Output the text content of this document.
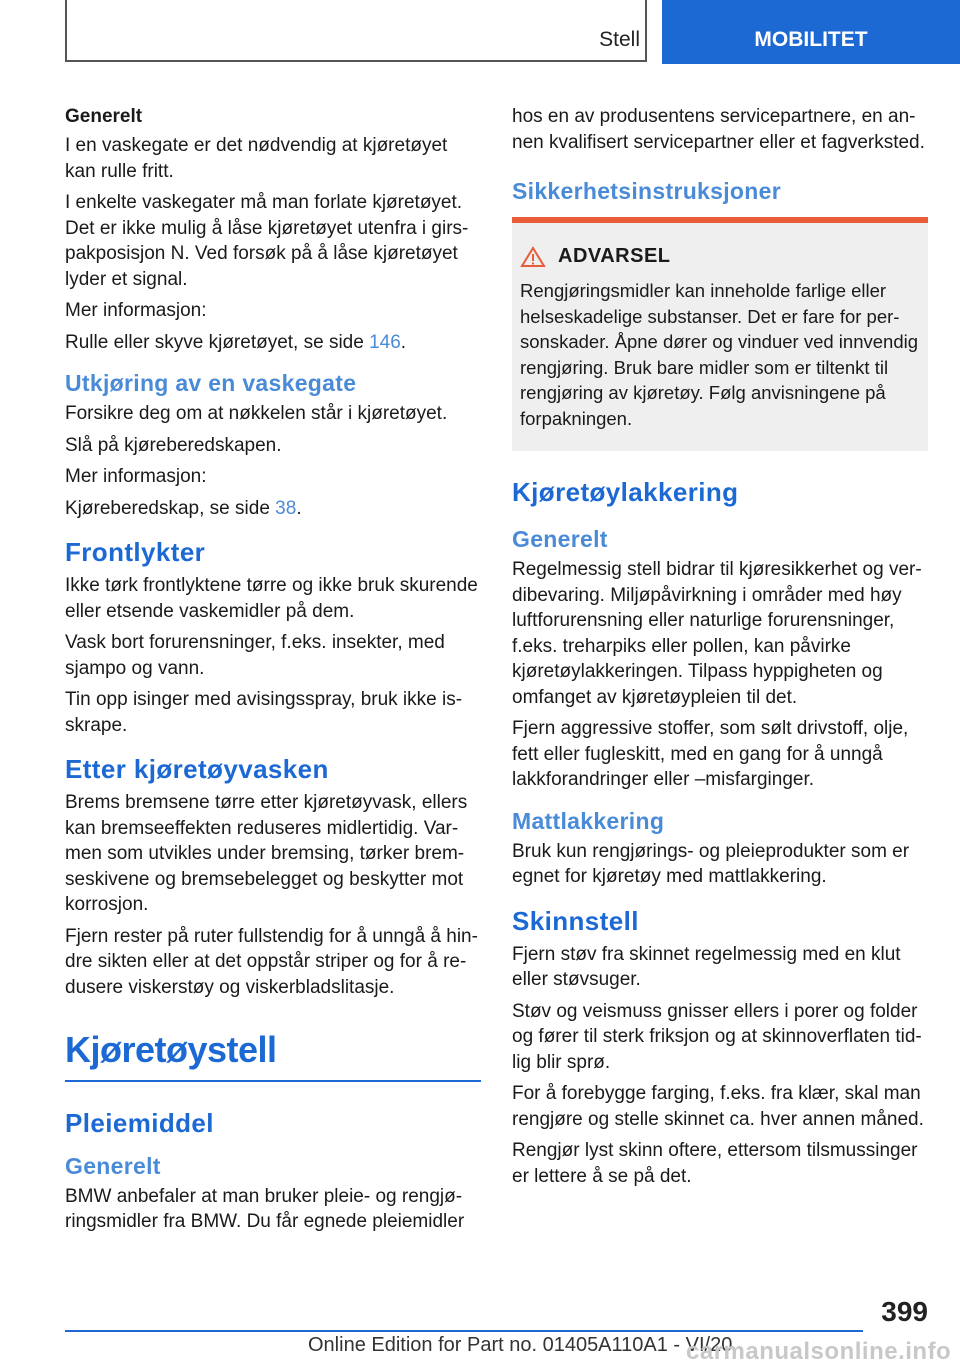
Stell	MOBILITET
Generelt

I en vaskegate er det nødvendig at kjøretøyet kan rulle fritt.

I enkelte vaskegater må man forlate kjøretøyet. Det er ikke mulig å låse kjøretøyet utenfra i girspakposisjon N. Ved forsøk på å låse kjøretøyet lyder et signal.

Mer informasjon:

Rulle eller skyve kjøretøyet, se side 146.

Utkjøring av en vaskegate

Forsikre deg om at nøkkelen står i kjøretøyet.

Slå på kjøreberedskapen.

Mer informasjon:

Kjøreberedskap, se side 38.

Frontlykter

Ikke tørk frontlyktene tørre og ikke bruk skurende eller etsende vaskemidler på dem.

Vask bort forurensninger, f.eks. insekter, med sjampo og vann.

Tin opp isinger med avisingsspray, bruk ikke isskrape.

Etter kjøretøyvasken

Brems bremsene tørre etter kjøretøyvask, ellers kan bremseeffekten reduseres midlertidig. Varmen som utvikles under bremsing, tørker bremseskivene og bremsebelegget og beskytter mot korrosjon.

Fjern rester på ruter fullstendig for å unngå å hindre sikten eller at det oppstår striper og for å redusere viskerstøy og viskerbladslitasje.

Kjøretøystell
Pleiemiddel
Generelt

BMW anbefaler at man bruker pleie- og rengjøringsmidler fra BMW. Du får egnede pleiemidler

hos en av produsentens servicepartnere, en annen kvalifisert servicepartner eller et fagverksted.

Sikkerhetsinstruksjoner
ADVARSEL

Rengjøringsmidler kan inneholde farlige eller helseskadelige substanser. Det er fare for personskader. Åpne dører og vinduer ved innvendig rengjøring. Bruk bare midler som er tiltenkt til rengjøring av kjøretøy. Følg anvisningene på forpakningen.

Kjøretøylakkering
Generelt

Regelmessig stell bidrar til kjøresikkerhet og verdibevaring. Miljøpåvirkning i områder med høy luftforurensning eller naturlige forurensninger, f.eks. treharpiks eller pollen, kan påvirke kjøretøylakkeringen. Tilpass hyppigheten og omfanget av kjøretøypleien til det.

Fjern aggressive stoffer, som sølt drivstoff, olje, fett eller fugleskitt, med en gang for å unngå lakkforandringer eller –misfarginger.

Mattlakkering

Bruk kun rengjørings- og pleieprodukter som er egnet for kjøretøy med mattlakkering.

Skinnstell

Fjern støv fra skinnet regelmessig med en klut eller støvsuger.

Støv og veismuss gnisser ellers i porer og folder og fører til sterk friksjon og at skinnoverflaten tidlig blir sprø.

For å forebygge farging, f.eks. fra klær, skal man rengjøre og stelle skinnet ca. hver annen måned.

Rengjør lyst skinn oftere, ettersom tilsmussinger er lettere å se på det.

399
Online Edition for Part no. 01405A110A1 - VI/20
carmanualsonline.info
